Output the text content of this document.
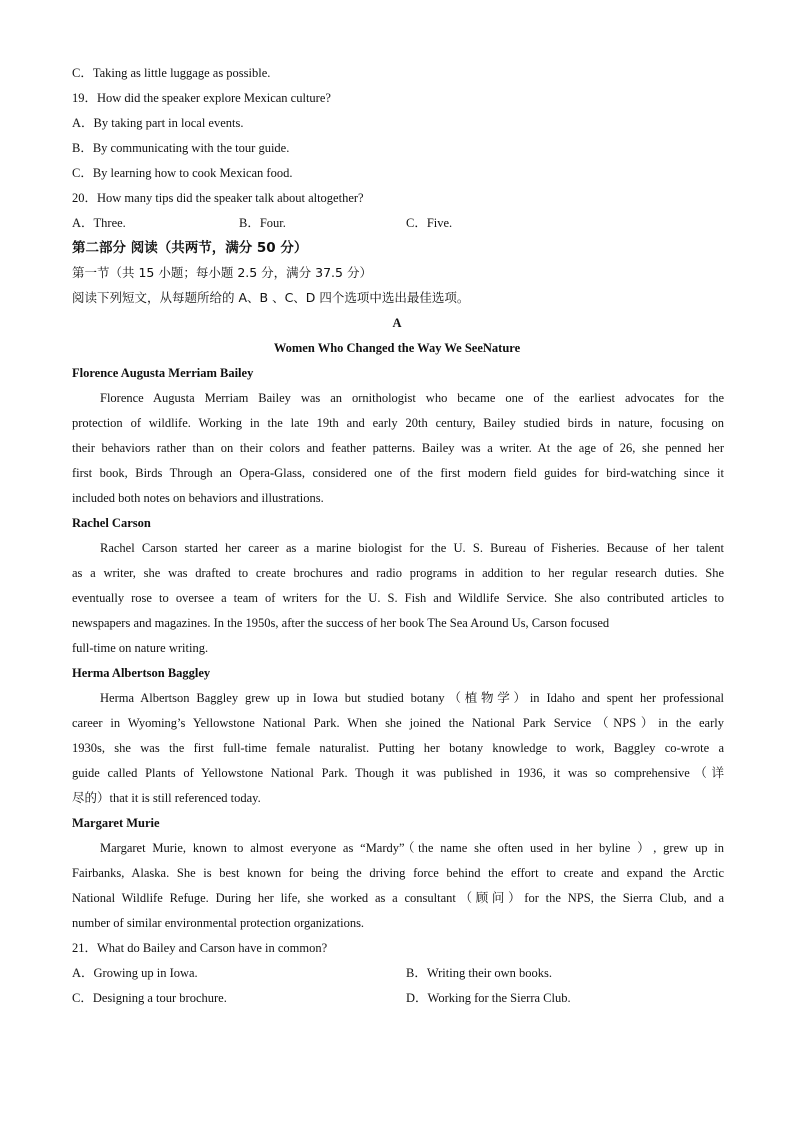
C．Taking as little luggage as possible.
19．How did the speaker explore Mexican culture?
A．By taking part in local events.
B．By communicating with the tour guide.
C．By learning how to cook Mexican food.
20．How many tips did the speaker talk about altogether?
A．Three.	B．Four.	C．Five.
第二部分 阅读（共两节，满分 50 分）
第一节（共 15 小题；每小题 2.5 分，满分 37.5 分）
阅读下列短文，从每题所给的 A、B 、C、D 四个选项中选出最佳选项。
A
Women Who Changed the Way We SeeNature
Florence Augusta Merriam Bailey
Florence Augusta Merriam Bailey was an ornithologist who became one of the earliest advocates for the
protection of wildlife. Working in the late 19th and early 20th century, Bailey studied birds in nature, focusing on
their behaviors rather than on their colors and feather patterns. Bailey was a writer. At the age of 26, she penned her
first book, Birds Through an Opera-Glass, considered one of the first modern field guides for bird-watching since it
included both notes on behaviors and illustrations.
Rachel Carson
Rachel Carson started her career as a marine biologist for the U. S. Bureau of Fisheries. Because of her talent
as a writer, she was drafted to create brochures and radio programs in addition to her regular research duties. She
eventually rose to oversee a team of writers for the U. S. Fish and Wildlife Service. She also contributed articles to
newspapers and magazines. In the 1950s, after the success of her book The Sea Around Us, Carson focused
full-time on nature writing.
Herma Albertson Baggley
Herma Albertson Baggley grew up in Iowa but studied botany（植物学）in Idaho and spent her professional
career in Wyoming’s Yellowstone National Park. When she joined the National Park Service（NPS）in the early
1930s, she was the first full-time female naturalist. Putting her botany knowledge to work, Baggley co-wrote a
guide called Plants of Yellowstone National Park. Though it was published in 1936, it was so comprehensive（详
尽的）that it is still referenced today.
Margaret Murie
Margaret Murie, known to almost everyone as “Mardy”（the name she often used in her byline ）, grew up in
Fairbanks, Alaska. She is best known for being the driving force behind the effort to create and expand the Arctic
National Wildlife Refuge. During her life, she worked as a consultant（顾问）for the NPS, the Sierra Club, and a
number of similar environmental protection organizations.
21．What do Bailey and Carson have in common?
A．Growing up in Iowa.	B．Writing their own books.
C．Designing a tour brochure.	D．Working for the Sierra Club.
